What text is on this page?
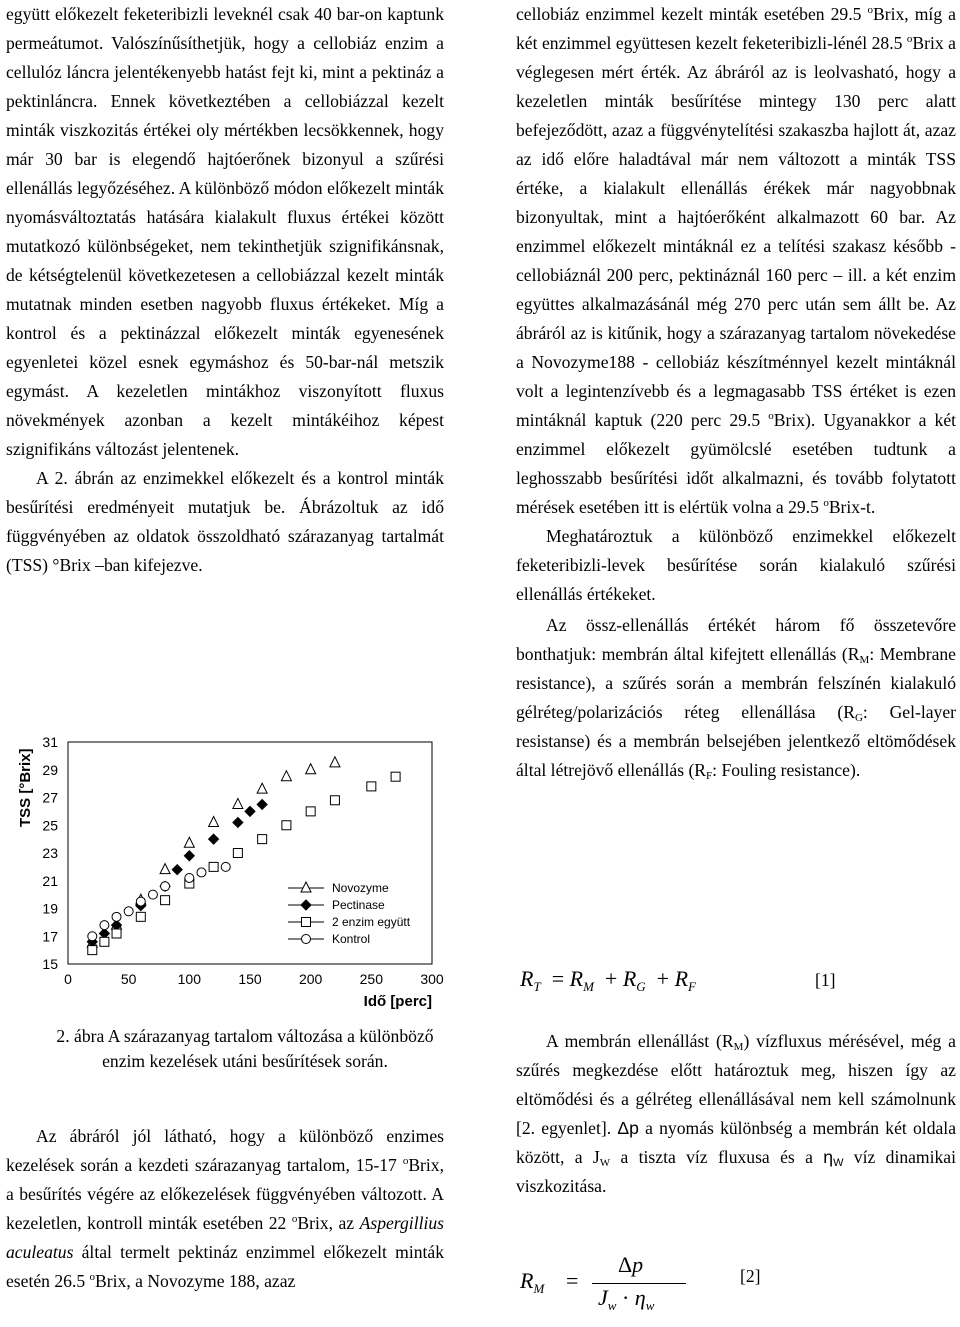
együtt előkezelt feketeribizli leveknél csak 40 bar-on kaptunk permeátumot. Valószínűsíthetjük, hogy a cellobiáz enzim a cellulóz láncra jelentékenyebb hatást fejt ki, mint a pektináz a pektinláncra. Ennek következtében a cellobiázzal kezelt minták viszkozitás értékei oly mértékben lecsökkennek, hogy már 30 bar is elegendő hajtóerőnek bizonyul a szűrési ellenállás legyőzéséhez. A különböző módon előkezelt minták nyomásváltoztatás hatására kialakult fluxus értékei között mutatkozó különbségeket, nem tekinthetjük szignifikánsnak, de kétségtelenül következetesen a cellobiázzal kezelt minták mutatnak minden esetben nagyobb fluxus értékeket. Míg a kontrol és a pektinázzal előkezelt minták egyenesének egyenletei közel esnek egymáshoz és 50-bar-nál metszik egymást. A kezeletlen mintákhoz viszonyított fluxus növekmények azonban a kezelt mintákéihoz képest szignifikáns változást jelentenek.

A 2. ábrán az enzimekkel előkezelt és a kontrol minták besűrítési eredményeit mutatjuk be. Ábrázoltuk az idő függvényében az oldatok összoldható szárazanyag tartalmát (TSS) °Brix –ban kifejezve.

15
17
19
21
23
25
27
29
31
0	50	100	150	200	250	300
Novozyme
Pectinase
2 enzim együtt
Kontrol
TSS [°Brix]
Idő [perc]
2. ábra A szárazanyag tartalom változása a különböző enzim kezelések utáni besűrítések során.

Az ábráról jól látható, hogy a különböző enzimes kezelések során a kezdeti szárazanyag tartalom, 15-17 $^o$Brix, a besűrítés végére az előkezelések függvényében változott. A kezeletlen, kontroll minták esetében 22 $^o$Brix, az Aspergillius aculeatus által termelt pektináz enzimmel előkezelt minták esetén 26.5 $^o$Brix, a Novozyme 188, azaz

cellobiáz enzimmel kezelt minták esetében 29.5 $^o$Brix, míg a két enzimmel együttesen kezelt feketeribizli-lénél 28.5 $^o$Brix a véglegesen mért érték. Az ábráról az is leolvasható, hogy a kezeletlen minták besűrítése mintegy 130 perc alatt befejeződött, azaz a függvénytelítési szakaszba hajlott át, azaz az idő előre haladtával már nem változott a minták TSS értéke, a kialakult ellenállás érékek már nagyobbnak bizonyultak, mint a hajtóerőként alkalmazott 60 bar. Az enzimmel előkezelt mintáknál ez a telítési szakasz később - cellobiáznál 200 perc, pektináznál 160 perc – ill. a két enzim együttes alkalmazásánál még 270 perc után sem állt be. Az ábráról az is kitűnik, hogy a szárazanyag tartalom növekedése a Novozyme188 - cellobiáz készítménnyel kezelt mintáknál volt a legintenzívebb és a legmagasabb TSS értéket is ezen mintáknál kaptuk (220 perc 29.5 $^o$Brix). Ugyanakkor a két enzimmel előkezelt gyümölcslé esetében tudtunk a leghosszabb besűrítési időt alkalmazni, és tovább folytatott mérések esetében itt is elértük volna a 29.5 $^o$Brix-t.

Meghatároztuk a különböző enzimekkel előkezelt feketeribizli-levek besűrítése során kialakuló szűrési ellenállás értékeket.

Az össz-ellenállás értékét három fő összetevőre bonthatjuk: membrán által kifejtett ellenállás ($R_M$: Membrane resistance), a szűrés során a membrán felszínén kialakuló gélréteg/polarizációs réteg ellenállása ($R_G$: Gel-layer resistanse) és a membrán belsejében jelentkező eltömődések által létrejövő ellenállás ($R_F$: Fouling resistance).

$R_T = R_M + R_G + R_F$	[1]

A membrán ellenállást $(R_M)$ vízfluxus mérésével, még a szűrés megkezdése előtt határoztuk meg, hiszen így az eltömődési és a gélréteg ellenállásával nem kell számolnunk [2. egyenlet]. Δp a nyomás különbség a membrán két oldala között, a $J_W$ a tiszta víz fluxusa és a $\eta_W$ víz dinamikai viszkozitása.

$R_M$ =
Δp
$J_w \cdot \eta_w$
[2]
